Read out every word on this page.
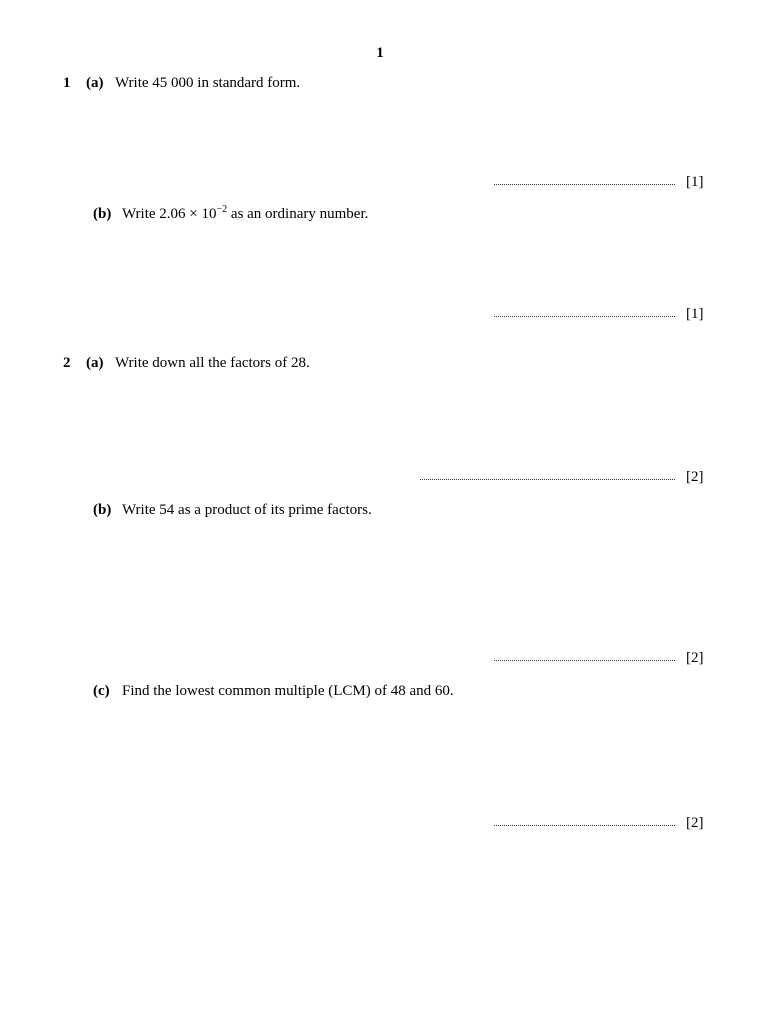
1
1 (a) Write 45 000 in standard form.
[1]
(b) Write $2.06 \times 10^{-2}$ as an ordinary number.
[1]
2 (a) Write down all the factors of 28.
[2]
(b) Write 54 as a product of its prime factors.
[2]
(c) Find the lowest common multiple (LCM) of 48 and 60.
[2]
